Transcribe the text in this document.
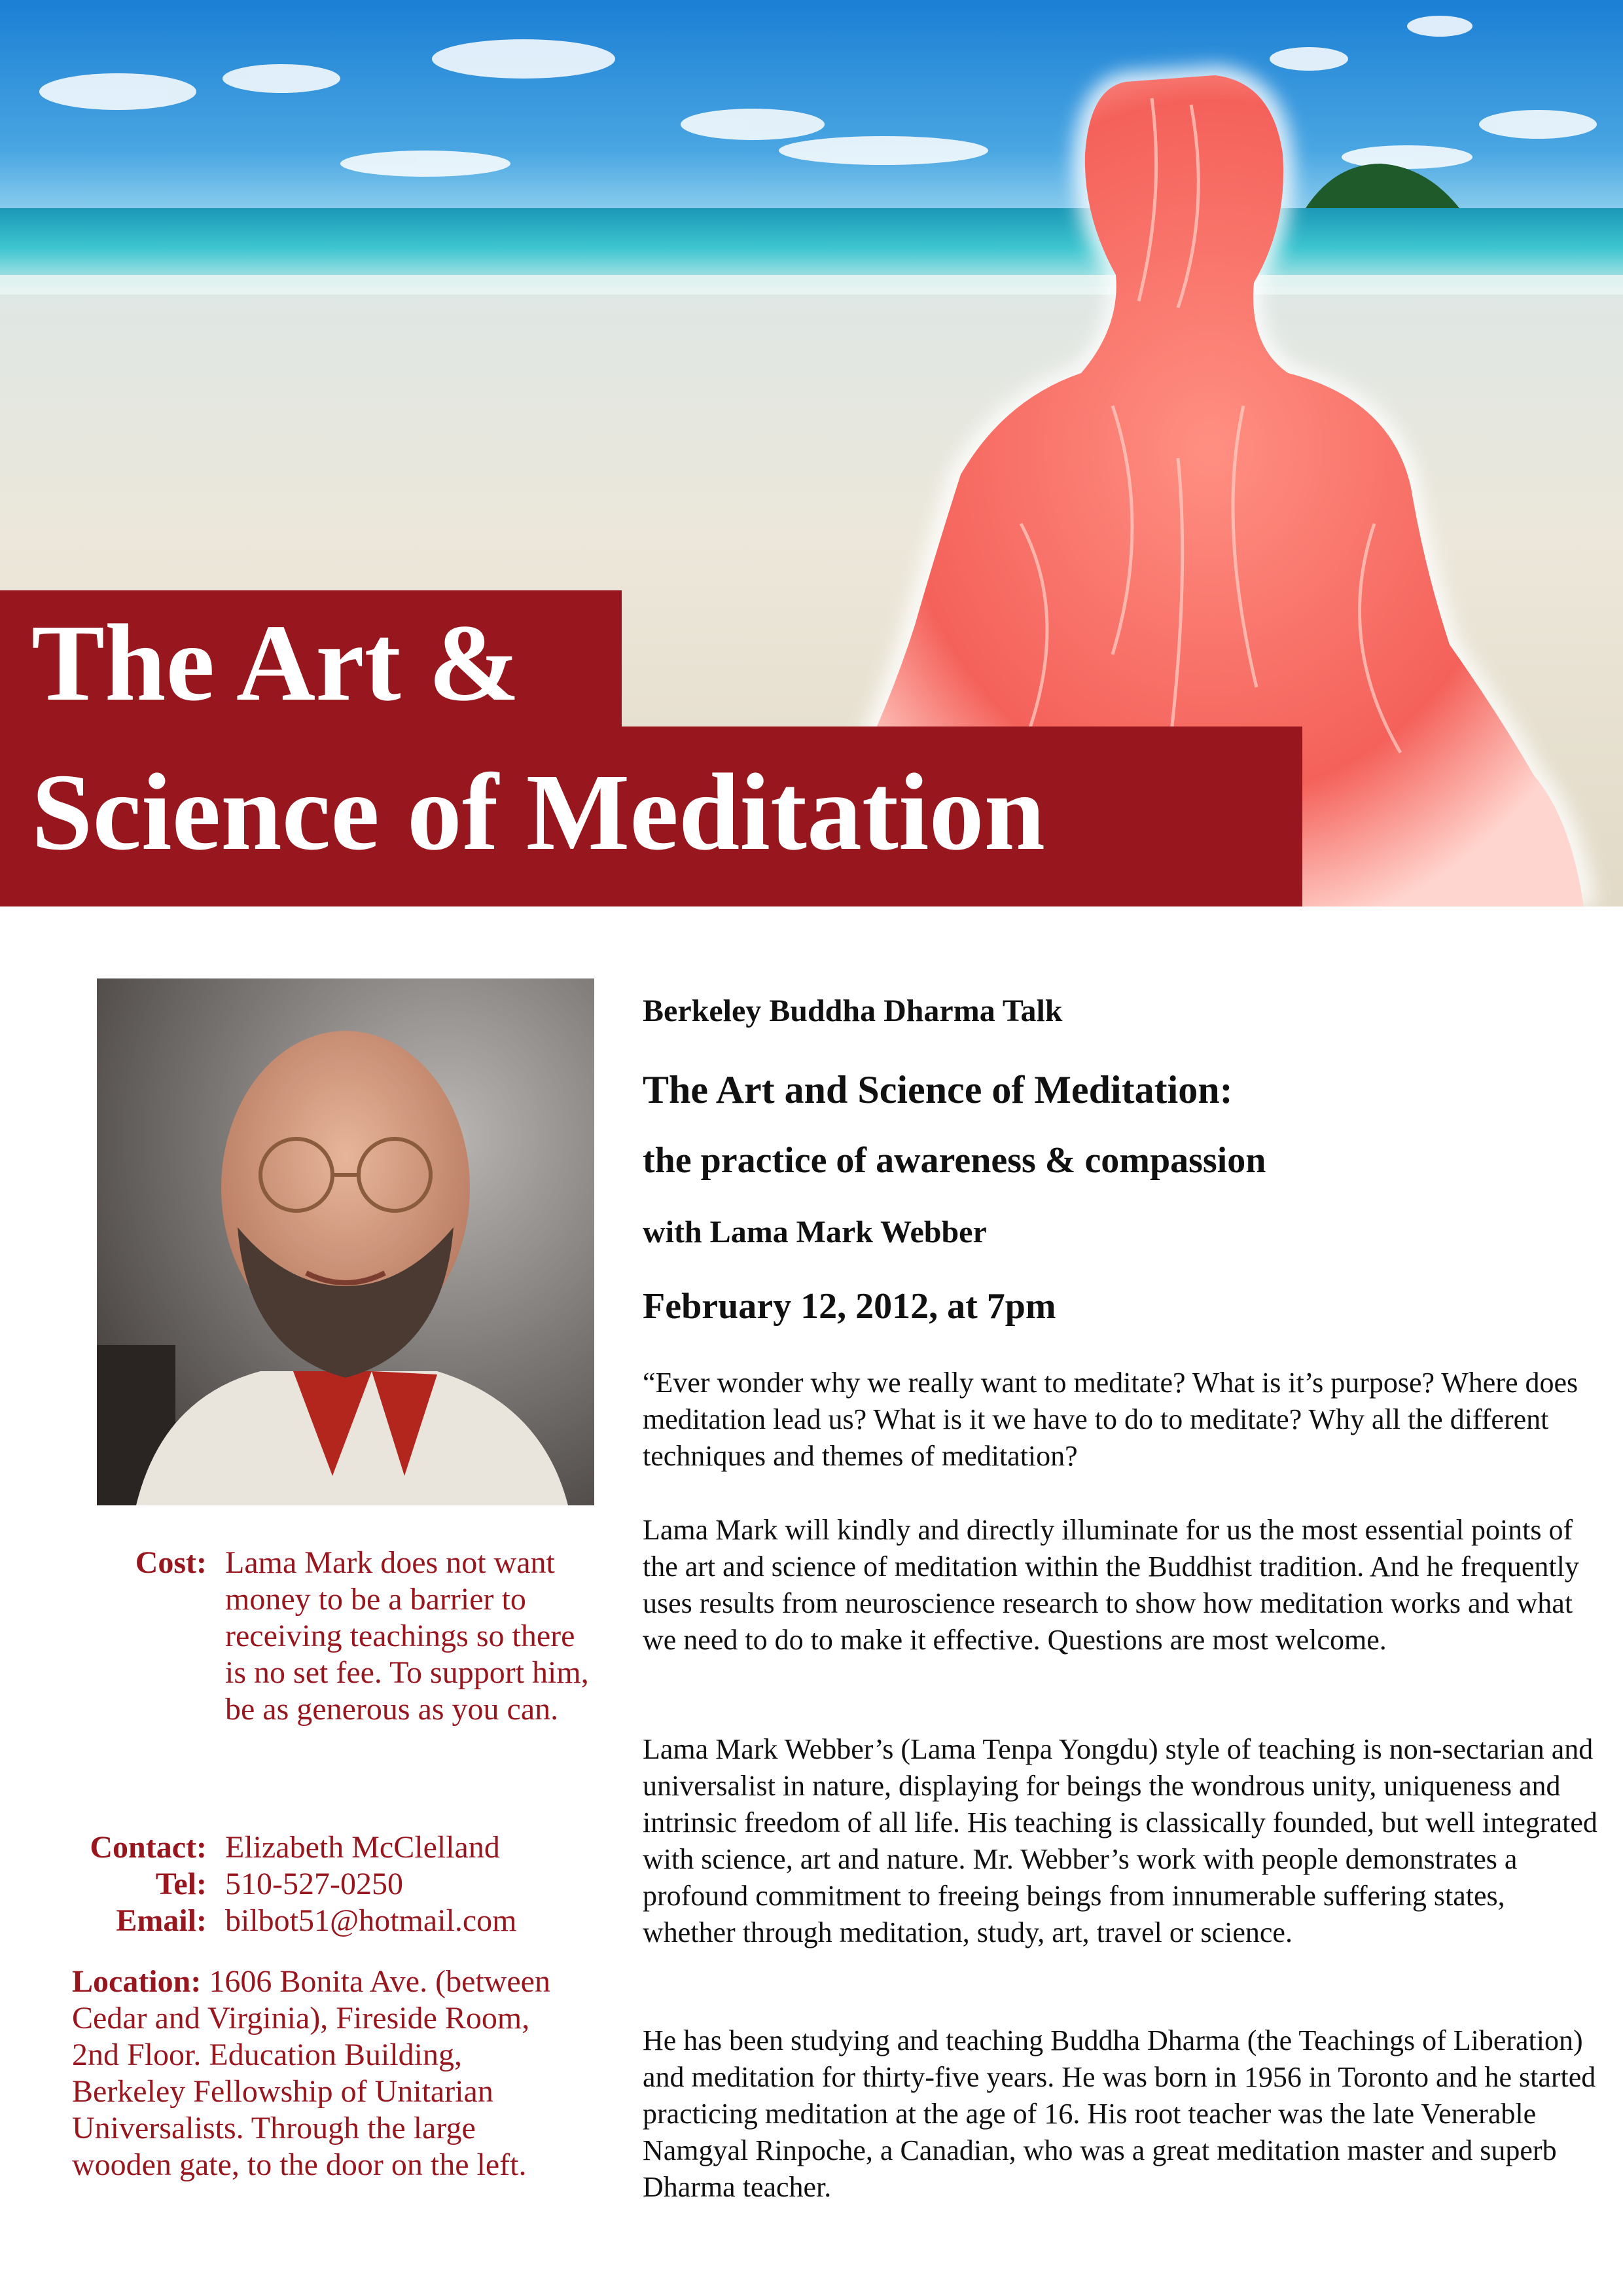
The Art &
Science of Meditation
Cost: Lama Mark does not want money to be a barrier to receiving teachings so there is no set fee. To support him, be as generous as you can.
Contact: Elizabeth McClelland
Tel: 510-527-0250
Email: bilbot51@hotmail.com
Location: 1606 Bonita Ave. (between Cedar and Virginia), Fireside Room, 2nd Floor. Education Building, Berkeley Fellowship of Unitarian Universalists. Through the large wooden gate, to the door on the left.
Berkeley Buddha Dharma Talk
The Art and Science of Meditation:
the practice of awareness & compassion
with Lama Mark Webber
February 12, 2012, at 7pm
“Ever wonder why we really want to meditate? What is it’s purpose? Where does meditation lead us? What is it we have to do to meditate? Why all the different techniques and themes of meditation?
Lama Mark will kindly and directly illuminate for us the most essential points of the art and science of meditation within the Buddhist tradition. And he frequently uses results from neuroscience research to show how meditation works and what we need to do to make it effective. Questions are most welcome.
Lama Mark Webber’s (Lama Tenpa Yongdu) style of teaching is non-sectarian and universalist in nature, displaying for beings the wondrous unity, uniqueness and intrinsic freedom of all life. His teaching is classically founded, but well integrated with science, art and nature. Mr. Webber’s work with people demonstrates a profound commitment to freeing beings from innumerable suffering states, whether through meditation, study, art, travel or science.
He has been studying and teaching Buddha Dharma (the Teachings of Liberation) and meditation for thirty-five years. He was born in 1956 in Toronto and he started practicing meditation at the age of 16. His root teacher was the late Venerable Namgyal Rinpoche, a Canadian, who was a great meditation master and superb Dharma teacher.
